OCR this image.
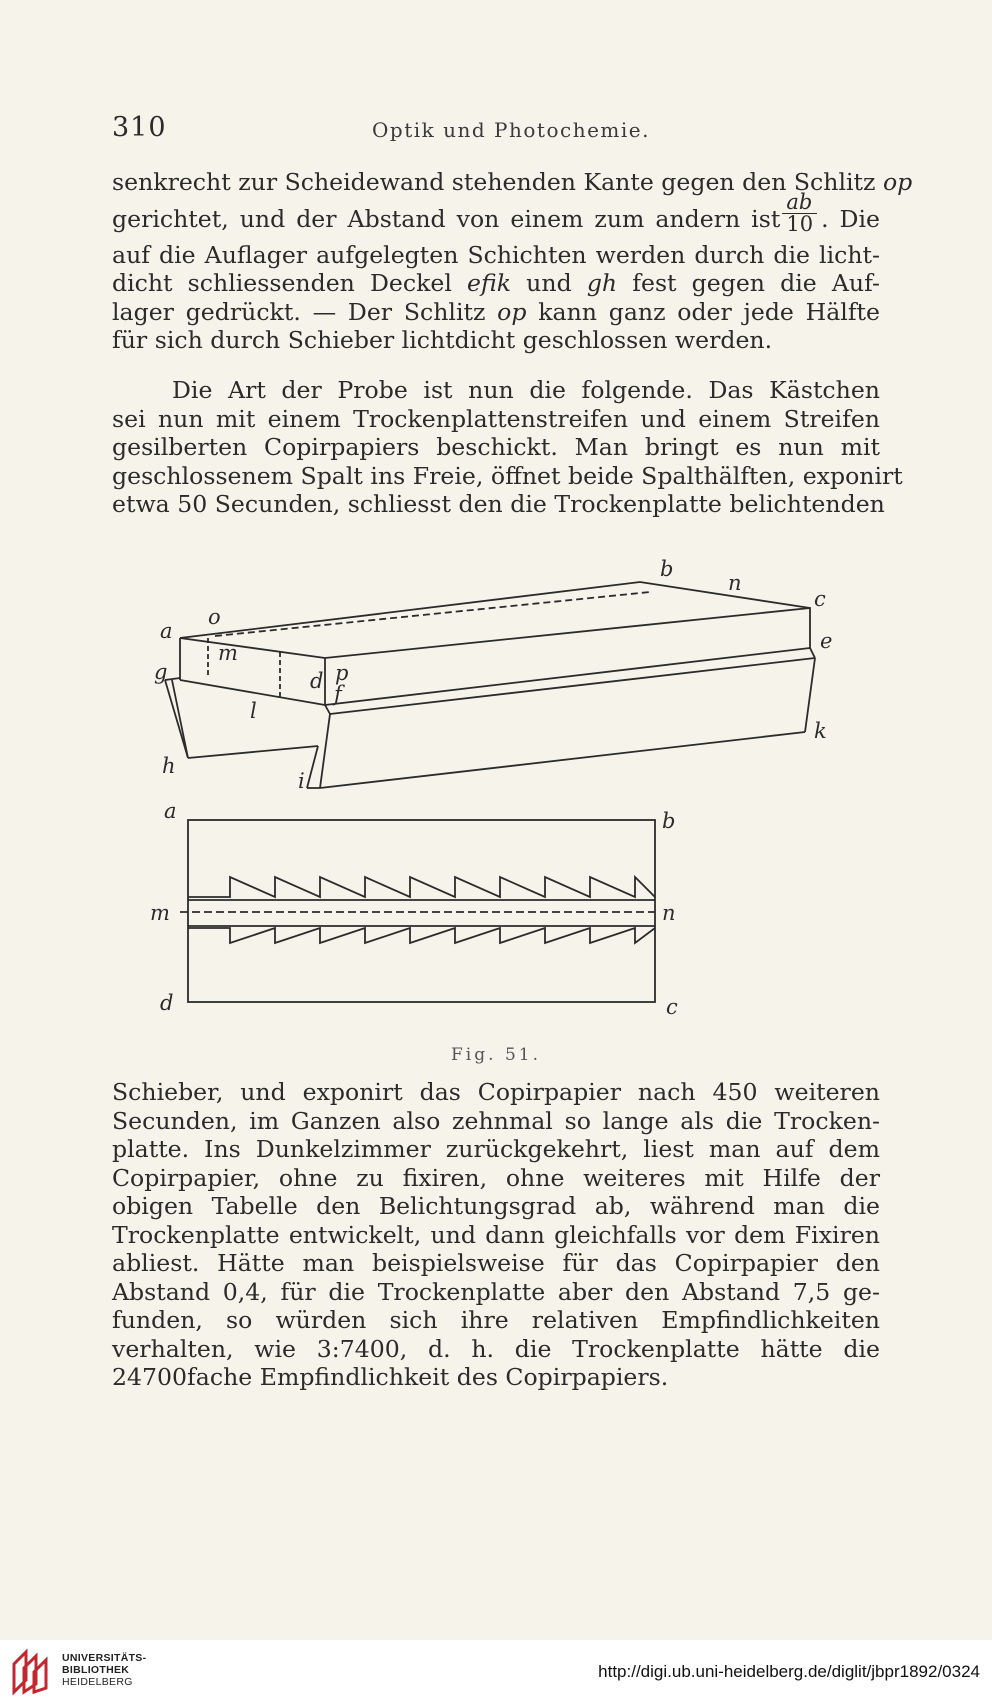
310	Optik und Photochemie.
senkrecht zur Scheidewand stehenden Kante gegen den Schlitz op
gerichtet, und der Abstand von einem zum andern ist $\frac{ab}{10}$ . Die
auf die Auflager aufgelegten Schichten werden durch die licht-
dicht schliessenden Deckel efik und gh fest gegen die Auf-
lager gedrückt. — Der Schlitz op kann ganz oder jede Hälfte
für sich durch Schieber lichtdicht geschlossen werden.
Die Art der Probe ist nun die folgende. Das Kästchen
sei nun mit einem Trockenplattenstreifen und einem Streifen
gesilberten Copirpapiers beschickt. Man bringt es nun mit
geschlossenem Spalt ins Freie, öffnet beide Spalthälften, exponirt
etwa 50 Secunden, schliesst den die Trockenplatte belichtenden
b
n
c
a
o
e
g
m
d p
f
l
k
h
i
a	b
m	n
d	c
Fig. 51.
Schieber, und exponirt das Copirpapier nach 450 weiteren
Secunden, im Ganzen also zehnmal so lange als die Trocken-
platte. Ins Dunkelzimmer zurückgekehrt, liest man auf dem
Copirpapier, ohne zu fixiren, ohne weiteres mit Hilfe der
obigen Tabelle den Belichtungsgrad ab, während man die
Trockenplatte entwickelt, und dann gleichfalls vor dem Fixiren
abliest. Hätte man beispielsweise für das Copirpapier den
Abstand 0,4, für die Trockenplatte aber den Abstand 7,5 ge-
funden, so würden sich ihre relativen Empfindlichkeiten
verhalten, wie 3:7400, d. h. die Trockenplatte hätte die
24700fache Empfindlichkeit des Copirpapiers.
UNIVERSITÄTS-
BIBLIOTHEK
HEIDELBERG
http://digi.ub.uni-heidelberg.de/diglit/jbpr1892/0324
